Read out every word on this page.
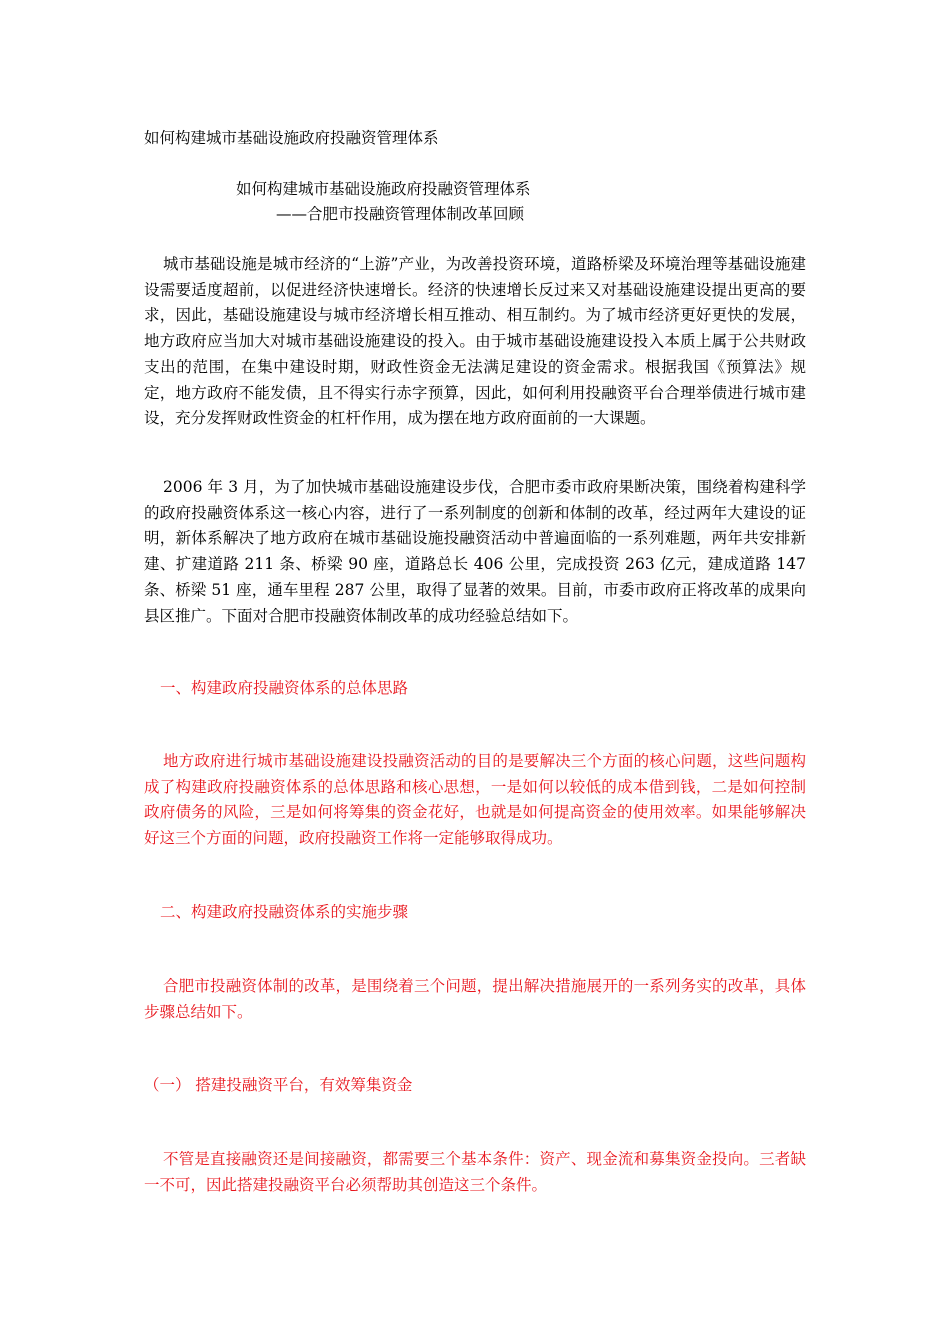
如何构建城市基础设施政府投融资管理体系
如何构建城市基础设施政府投融资管理体系
——合肥市投融资管理体制改革回顾
城市基础设施是城市经济的“上游”产业，为改善投资环境，道路桥梁及环境治理等基础设施建设需要适度超前，以促进经济快速增长。经济的快速增长反过来又对基础设施建设提出更高的要求，因此，基础设施建设与城市经济增长相互推动、相互制约。为了城市经济更好更快的发展，地方政府应当加大对城市基础设施建设的投入。由于城市基础设施建设投入本质上属于公共财政支出的范围，在集中建设时期，财政性资金无法满足建设的资金需求。根据我国《预算法》规定，地方政府不能发债，且不得实行赤字预算，因此，如何利用投融资平台合理举债进行城市建设，充分发挥财政性资金的杠杆作用，成为摆在地方政府面前的一大课题。
2006 年 3 月，为了加快城市基础设施建设步伐，合肥市委市政府果断决策，围绕着构建科学的政府投融资体系这一核心内容，进行了一系列制度的创新和体制的改革，经过两年大建设的证明，新体系解决了地方政府在城市基础设施投融资活动中普遍面临的一系列难题，两年共安排新建、扩建道路 211 条、桥梁 90 座，道路总长 406 公里，完成投资 263 亿元，建成道路 147 条、桥梁 51 座，通车里程 287 公里，取得了显著的效果。目前，市委市政府正将改革的成果向县区推广。下面对合肥市投融资体制改革的成功经验总结如下。
一、构建政府投融资体系的总体思路
地方政府进行城市基础设施建设投融资活动的目的是要解决三个方面的核心问题，这些问题构成了构建政府投融资体系的总体思路和核心思想，一是如何以较低的成本借到钱，二是如何控制政府债务的风险，三是如何将筹集的资金花好，也就是如何提高资金的使用效率。如果能够解决好这三个方面的问题，政府投融资工作将一定能够取得成功。
二、构建政府投融资体系的实施步骤
合肥市投融资体制的改革，是围绕着三个问题，提出解决措施展开的一系列务实的改革，具体步骤总结如下。
（一） 搭建投融资平台，有效筹集资金
不管是直接融资还是间接融资，都需要三个基本条件：资产、现金流和募集资金投向。三者缺一不可，因此搭建投融资平台必须帮助其创造这三个条件。
